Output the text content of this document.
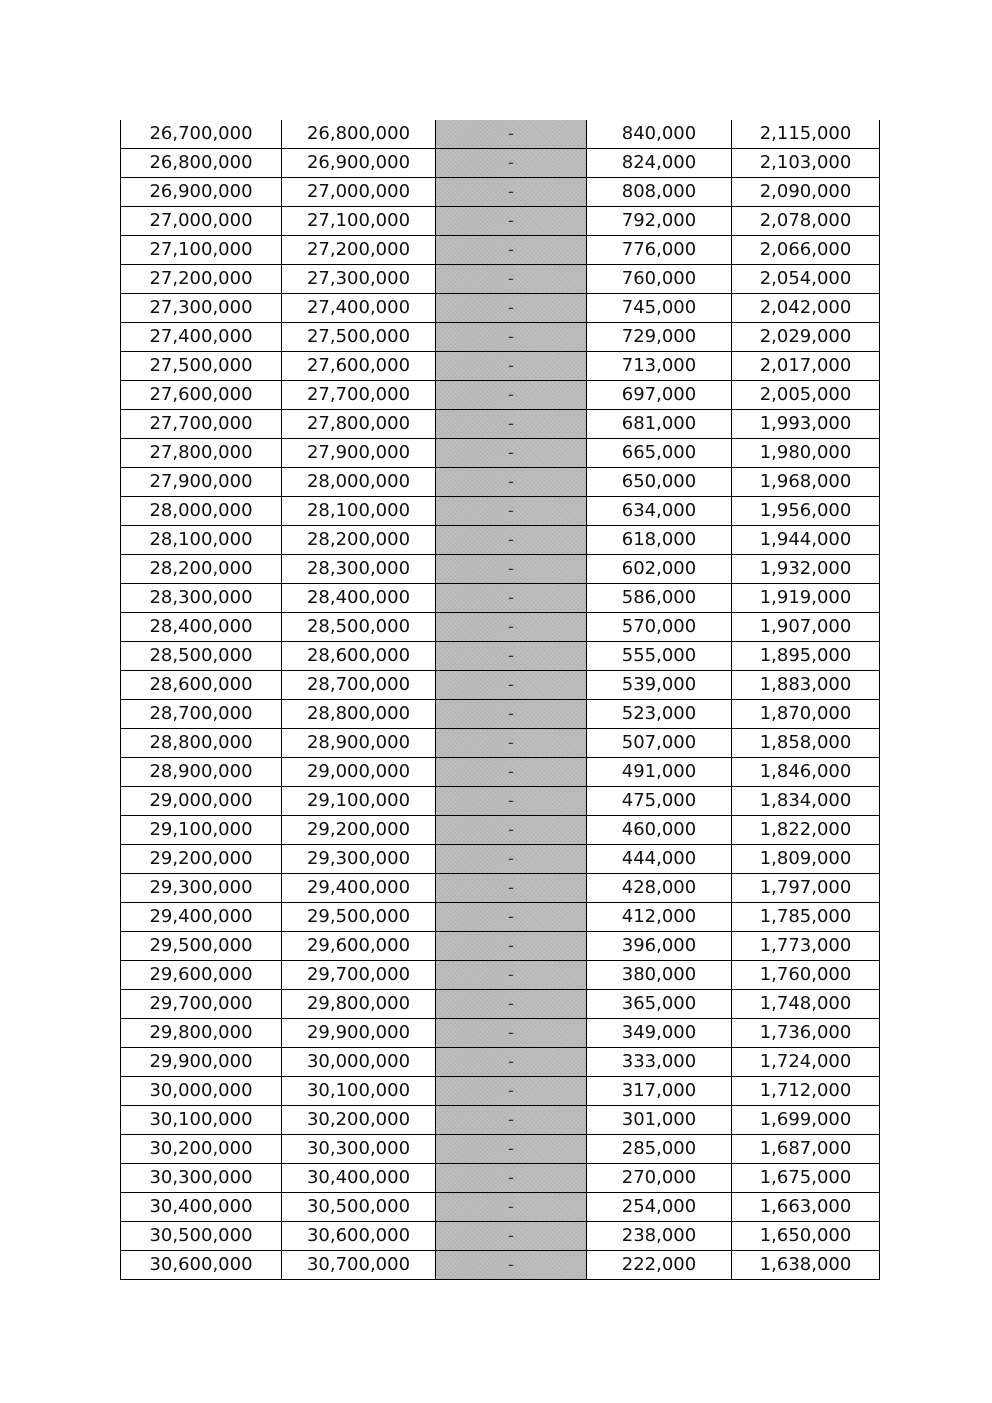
26,700,000	26,800,000	-	840,000	2,115,000
26,800,000	26,900,000	-	824,000	2,103,000
26,900,000	27,000,000	-	808,000	2,090,000
27,000,000	27,100,000	-	792,000	2,078,000
27,100,000	27,200,000	-	776,000	2,066,000
27,200,000	27,300,000	-	760,000	2,054,000
27,300,000	27,400,000	-	745,000	2,042,000
27,400,000	27,500,000	-	729,000	2,029,000
27,500,000	27,600,000	-	713,000	2,017,000
27,600,000	27,700,000	-	697,000	2,005,000
27,700,000	27,800,000	-	681,000	1,993,000
27,800,000	27,900,000	-	665,000	1,980,000
27,900,000	28,000,000	-	650,000	1,968,000
28,000,000	28,100,000	-	634,000	1,956,000
28,100,000	28,200,000	-	618,000	1,944,000
28,200,000	28,300,000	-	602,000	1,932,000
28,300,000	28,400,000	-	586,000	1,919,000
28,400,000	28,500,000	-	570,000	1,907,000
28,500,000	28,600,000	-	555,000	1,895,000
28,600,000	28,700,000	-	539,000	1,883,000
28,700,000	28,800,000	-	523,000	1,870,000
28,800,000	28,900,000	-	507,000	1,858,000
28,900,000	29,000,000	-	491,000	1,846,000
29,000,000	29,100,000	-	475,000	1,834,000
29,100,000	29,200,000	-	460,000	1,822,000
29,200,000	29,300,000	-	444,000	1,809,000
29,300,000	29,400,000	-	428,000	1,797,000
29,400,000	29,500,000	-	412,000	1,785,000
29,500,000	29,600,000	-	396,000	1,773,000
29,600,000	29,700,000	-	380,000	1,760,000
29,700,000	29,800,000	-	365,000	1,748,000
29,800,000	29,900,000	-	349,000	1,736,000
29,900,000	30,000,000	-	333,000	1,724,000
30,000,000	30,100,000	-	317,000	1,712,000
30,100,000	30,200,000	-	301,000	1,699,000
30,200,000	30,300,000	-	285,000	1,687,000
30,300,000	30,400,000	-	270,000	1,675,000
30,400,000	30,500,000	-	254,000	1,663,000
30,500,000	30,600,000	-	238,000	1,650,000
30,600,000	30,700,000	-	222,000	1,638,000
